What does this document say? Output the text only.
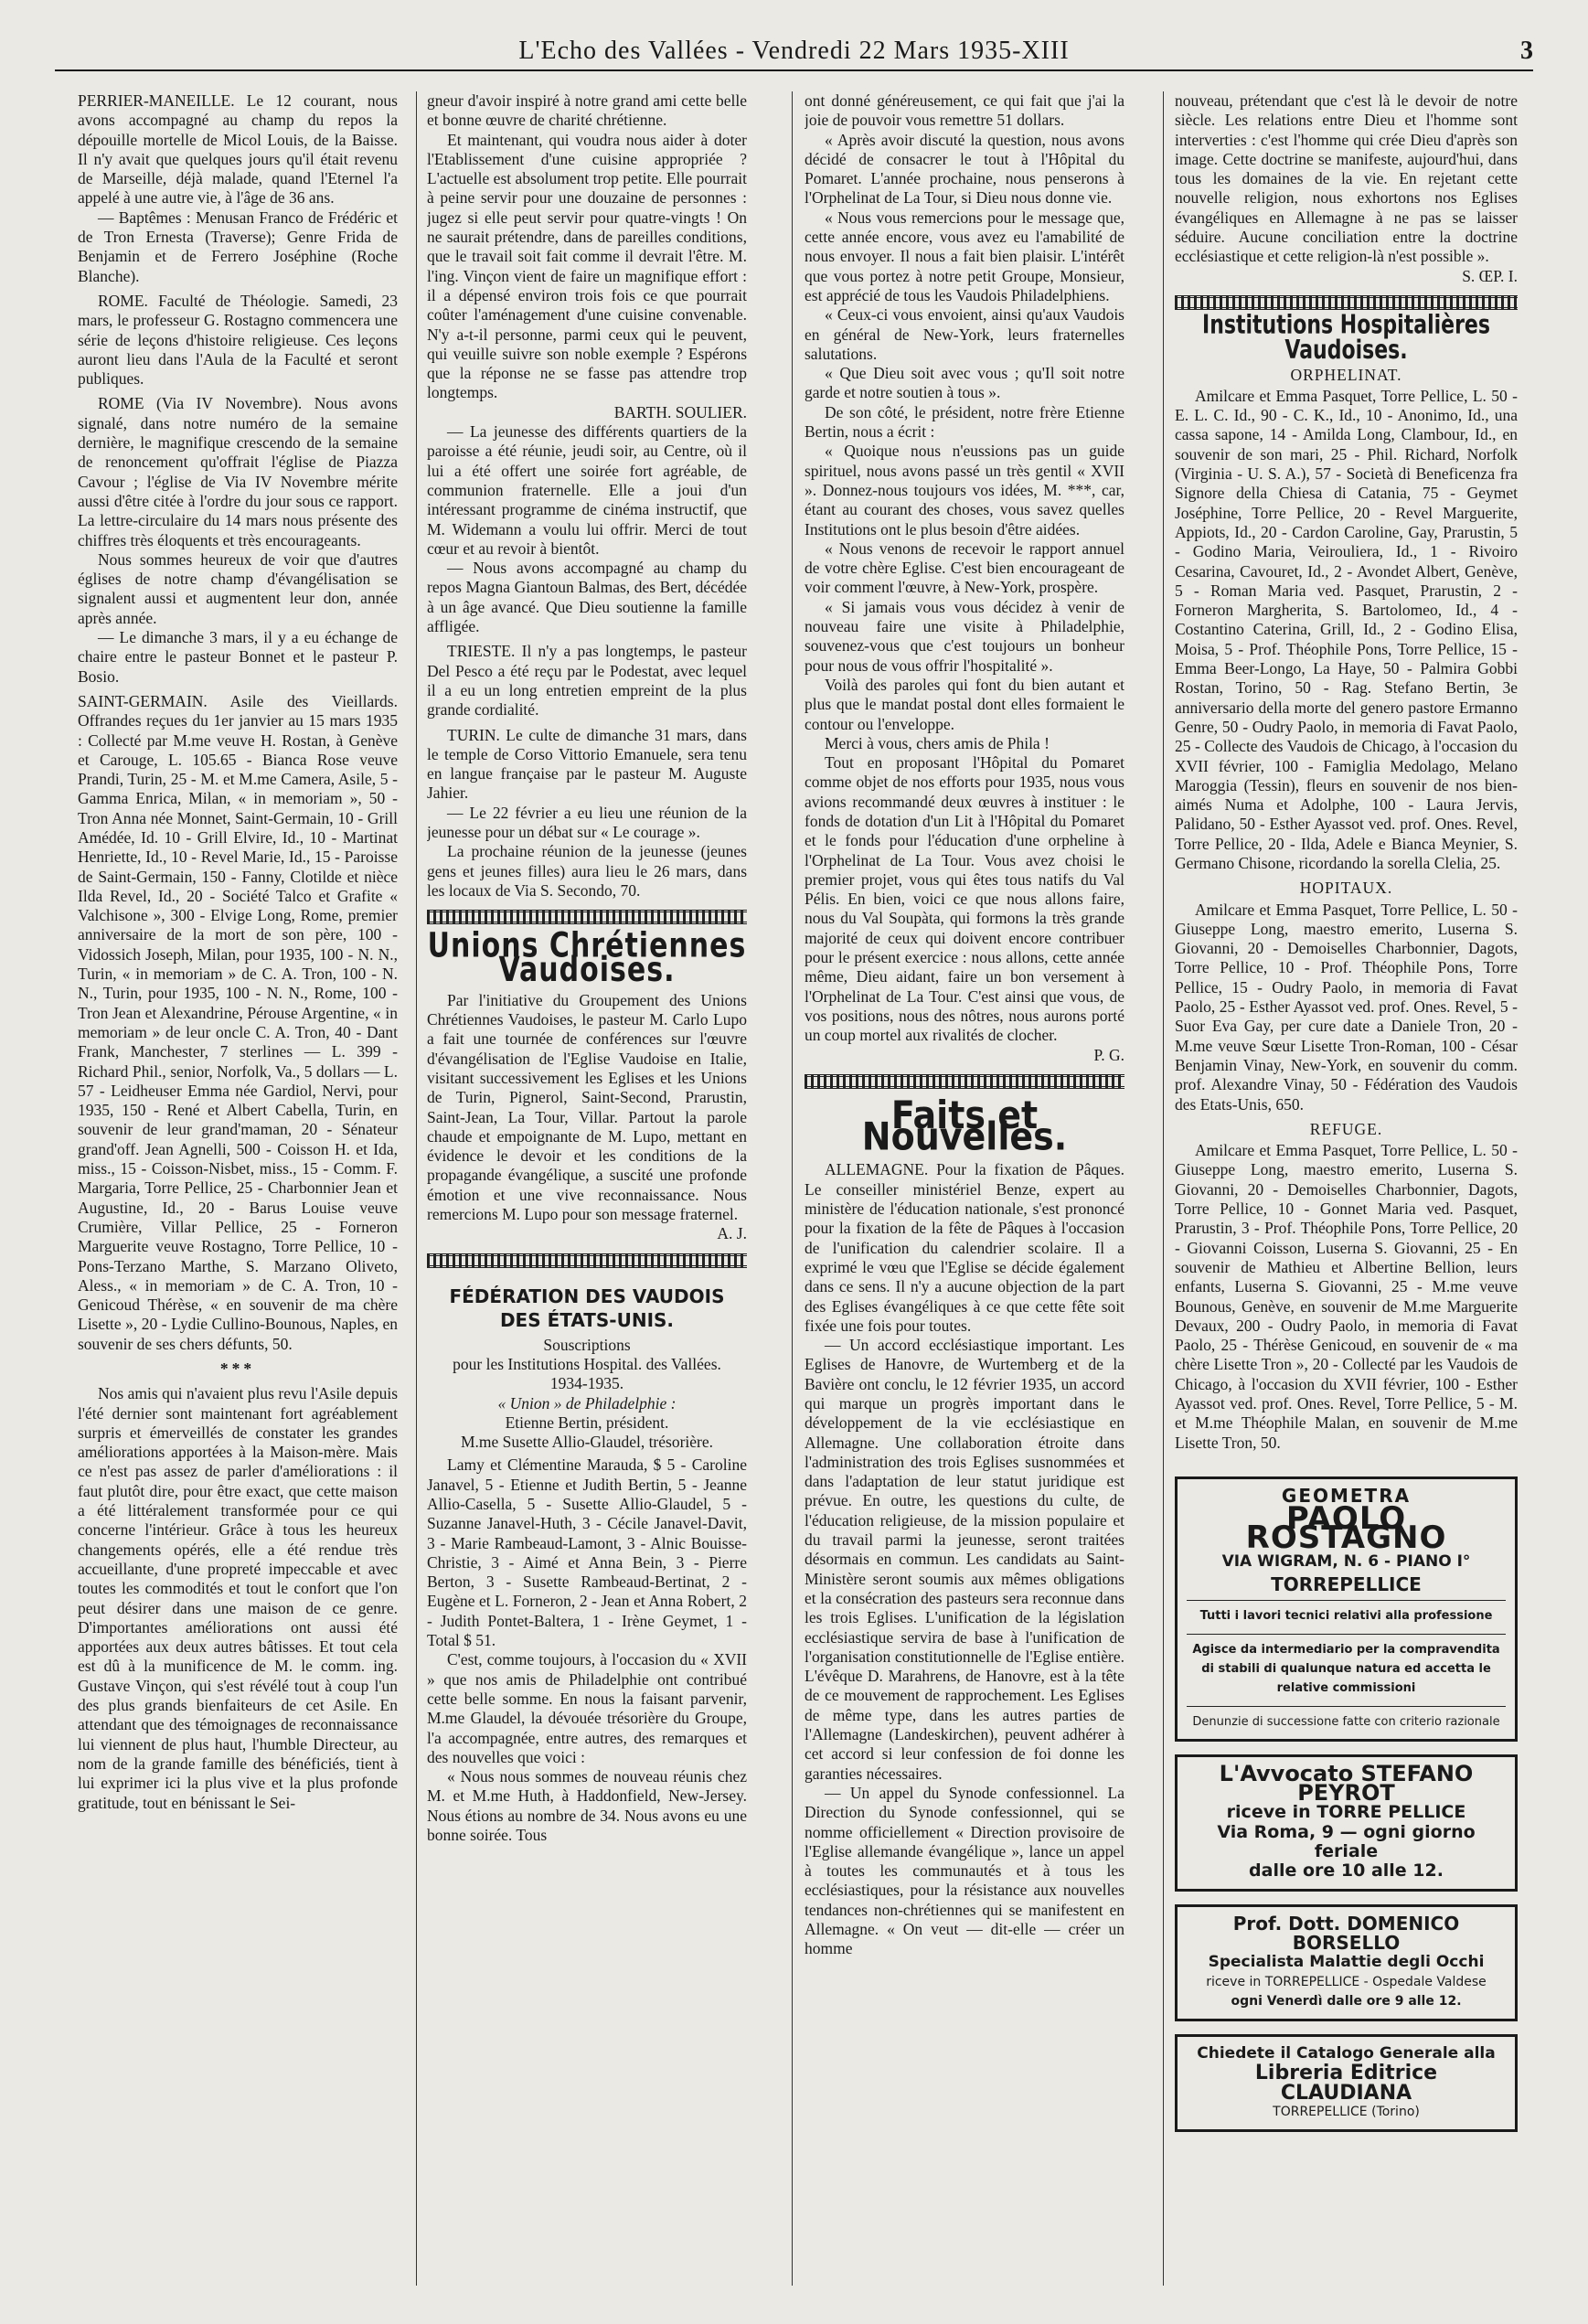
L'Echo des Vallées - Vendredi 22 Mars 1935-XIII	3

PERRIER-MANEILLE. Le 12 courant, nous avons accompagné au champ du repos la dépouille mortelle de Micol Louis, de la Baisse. Il n'y avait que quelques jours qu'il était revenu de Marseille, déjà malade, quand l'Eternel l'a appelé à une autre vie, à l'âge de 36 ans.

— Baptêmes : Menusan Franco de Frédéric et de Tron Ernesta (Traverse); Genre Frida de Benjamin et de Ferrero Joséphine (Roche Blanche).

ROME. Faculté de Théologie. Samedi, 23 mars, le professeur G. Rostagno commencera une série de leçons d'histoire religieuse. Ces leçons auront lieu dans l'Aula de la Faculté et seront publiques.

ROME (Via IV Novembre). Nous avons signalé, dans notre numéro de la semaine dernière, le magnifique crescendo de la semaine de renoncement qu'offrait l'église de Piazza Cavour ; l'église de Via IV Novembre mérite aussi d'être citée à l'ordre du jour sous ce rapport. La lettre-circulaire du 14 mars nous présente des chiffres très éloquents et très encourageants.

Nous sommes heureux de voir que d'autres églises de notre champ d'évangélisation se signalent aussi et augmentent leur don, année après année.

— Le dimanche 3 mars, il y a eu échange de chaire entre le pasteur Bonnet et le pasteur P. Bosio.

SAINT-GERMAIN. Asile des Vieillards. Offrandes reçues du 1er janvier au 15 mars 1935 : Collecté par M.me veuve H. Rostan, à Genève et Carouge, L. 105.65 - Bianca Rose veuve Prandi, Turin, 25 - M. et M.me Camera, Asile, 5 - Gamma Enrica, Milan, « in memoriam », 50 - Tron Anna née Monnet, Saint-Germain, 10 - Grill Amédée, Id. 10 - Grill Elvire, Id., 10 - Martinat Henriette, Id., 10 - Revel Marie, Id., 15 - Paroisse de Saint-Germain, 150 - Fanny, Clotilde et nièce Ilda Revel, Id., 20 - Société Talco et Grafite « Valchisone », 300 - Elvige Long, Rome, premier anniversaire de la mort de son père, 100 - Vidossich Joseph, Milan, pour 1935, 100 - N. N., Turin, « in memoriam » de C. A. Tron, 100 - N. N., Turin, pour 1935, 100 - N. N., Rome, 100 - Tron Jean et Alexandrine, Pérouse Argentine, « in memoriam » de leur oncle C. A. Tron, 40 - Dant Frank, Manchester, 7 sterlines — L. 399 - Richard Phil., senior, Norfolk, Va., 5 dollars — L. 57 - Leidheuser Emma née Gardiol, Nervi, pour 1935, 150 - René et Albert Cabella, Turin, en souvenir de leur grand'maman, 20 - Sénateur grand'off. Jean Agnelli, 500 - Coisson H. et Ida, miss., 15 - Coisson-Nisbet, miss., 15 - Comm. F. Margaria, Torre Pellice, 25 - Charbonnier Jean et Augustine, Id., 20 - Barus Louise veuve Crumière, Villar Pellice, 25 - Forneron Marguerite veuve Rostagno, Torre Pellice, 10 - Pons-Terzano Marthe, S. Marzano Oliveto, Aless., « in memoriam » de C. A. Tron, 10 - Genicoud Thérèse, « en souvenir de ma chère Lisette », 20 - Lydie Cullino-Bounous, Naples, en souvenir de ses chers défunts, 50.

***

Nos amis qui n'avaient plus revu l'Asile depuis l'été dernier sont maintenant fort agréablement surpris et émerveillés de constater les grandes améliorations apportées à la Maison-mère. Mais ce n'est pas assez de parler d'améliorations : il faut plutôt dire, pour être exact, que cette maison a été littéralement transformée pour ce qui concerne l'intérieur. Grâce à tous les heureux changements opérés, elle a été rendue très accueillante, d'une propreté impeccable et avec toutes les commodités et tout le confort que l'on peut désirer dans une maison de ce genre. D'importantes améliorations ont aussi été apportées aux deux autres bâtisses. Et tout cela est dû à la munificence de M. le comm. ing. Gustave Vinçon, qui s'est révélé tout à coup l'un des plus grands bienfaiteurs de cet Asile. En attendant que des témoignages de reconnaissance lui viennent de plus haut, l'humble Directeur, au nom de la grande famille des bénéficiés, tient à lui exprimer ici la plus vive et la plus profonde gratitude, tout en bénissant le Sei-

gneur d'avoir inspiré à notre grand ami cette belle et bonne œuvre de charité chrétienne.

Et maintenant, qui voudra nous aider à doter l'Etablissement d'une cuisine appropriée ? L'actuelle est absolument trop petite. Elle pourrait à peine servir pour une douzaine de personnes : jugez si elle peut servir pour quatre-vingts ! On ne saurait prétendre, dans de pareilles conditions, que le travail soit fait comme il devrait l'être. M. l'ing. Vinçon vient de faire un magnifique effort : il a dépensé environ trois fois ce que pourrait coûter l'aménagement d'une cuisine convenable. N'y a-t-il personne, parmi ceux qui le peuvent, qui veuille suivre son noble exemple ? Espérons que la réponse ne se fasse pas attendre trop longtemps.

BARTH. SOULIER.

— La jeunesse des différents quartiers de la paroisse a été réunie, jeudi soir, au Centre, où il lui a été offert une soirée fort agréable, de communion fraternelle. Elle a joui d'un intéressant programme de cinéma instructif, que M. Widemann a voulu lui offrir. Merci de tout cœur et au revoir à bientôt.

— Nous avons accompagné au champ du repos Magna Giantoun Balmas, des Bert, décédée à un âge avancé. Que Dieu soutienne la famille affligée.

TRIESTE. Il n'y a pas longtemps, le pasteur Del Pesco a été reçu par le Podestat, avec lequel il a eu un long entretien empreint de la plus grande cordialité.

TURIN. Le culte de dimanche 31 mars, dans le temple de Corso Vittorio Emanuele, sera tenu en langue française par le pasteur M. Auguste Jahier.

— Le 22 février a eu lieu une réunion de la jeunesse pour un débat sur « Le courage ».

La prochaine réunion de la jeunesse (jeunes gens et jeunes filles) aura lieu le 26 mars, dans les locaux de Via S. Secondo, 70.

Unions Chrétiennes Vaudoises.

Par l'initiative du Groupement des Unions Chrétiennes Vaudoises, le pasteur M. Carlo Lupo a fait une tournée de conférences sur l'œuvre d'évangélisation de l'Eglise Vaudoise en Italie, visitant successivement les Eglises et les Unions de Turin, Pignerol, Saint-Second, Prarustin, Saint-Jean, La Tour, Villar. Partout la parole chaude et empoignante de M. Lupo, mettant en évidence le devoir et les conditions de la propagande évangélique, a suscité une profonde émotion et une vive reconnaissance. Nous remercions M. Lupo pour son message fraternel.

A. J.
FÉDÉRATION DES VAUDOIS DES ÉTATS-UNIS.
Souscriptions
pour les Institutions Hospital. des Vallées.
1934-1935.
« Union » de Philadelphie :
Etienne Bertin, président.
M.me Susette Allio-Glaudel, trésorière.

Lamy et Clémentine Marauda, $ 5 - Caroline Janavel, 5 - Etienne et Judith Bertin, 5 - Jeanne Allio-Casella, 5 - Susette Allio-Glaudel, 5 - Suzanne Janavel-Huth, 3 - Cécile Janavel-Davit, 3 - Marie Rambeaud-Lamont, 3 - Alnic Bouisse-Christie, 3 - Aimé et Anna Bein, 3 - Pierre Berton, 3 - Susette Rambeaud-Bertinat, 2 - Eugène et L. Forneron, 2 - Jean et Anna Robert, 2 - Judith Pontet-Baltera, 1 - Irène Geymet, 1 - Total $ 51.

C'est, comme toujours, à l'occasion du « XVII » que nos amis de Philadelphie ont contribué cette belle somme. En nous la faisant parvenir, M.me Glaudel, la dévouée trésorière du Groupe, l'a accompagnée, entre autres, des remarques et des nouvelles que voici :

« Nous nous sommes de nouveau réunis chez M. et M.me Huth, à Haddonfield, New-Jersey. Nous étions au nombre de 34. Nous avons eu une bonne soirée. Tous

ont donné généreusement, ce qui fait que j'ai la joie de pouvoir vous remettre 51 dollars.

« Après avoir discuté la question, nous avons décidé de consacrer le tout à l'Hôpital du Pomaret. L'année prochaine, nous penserons à l'Orphelinat de La Tour, si Dieu nous donne vie.

« Nous vous remercions pour le message que, cette année encore, vous avez eu l'amabilité de nous envoyer. Il nous a fait bien plaisir. L'intérêt que vous portez à notre petit Groupe, Monsieur, est apprécié de tous les Vaudois Philadelphiens.

« Ceux-ci vous envoient, ainsi qu'aux Vaudois en général de New-York, leurs fraternelles salutations.

« Que Dieu soit avec vous ; qu'Il soit notre garde et notre soutien à tous ».

De son côté, le président, notre frère Etienne Bertin, nous a écrit :

« Quoique nous n'eussions pas un guide spirituel, nous avons passé un très gentil « XVII ». Donnez-nous toujours vos idées, M. ***, car, étant au courant des choses, vous savez quelles Institutions ont le plus besoin d'être aidées.

« Nous venons de recevoir le rapport annuel de votre chère Eglise. C'est bien encourageant de voir comment l'œuvre, à New-York, prospère.

« Si jamais vous vous décidez à venir de nouveau faire une visite à Philadelphie, souvenez-vous que c'est toujours un bonheur pour nous de vous offrir l'hospitalité ».

Voilà des paroles qui font du bien autant et plus que le mandat postal dont elles formaient le contour ou l'enveloppe.

Merci à vous, chers amis de Phila !

Tout en proposant l'Hôpital du Pomaret comme objet de nos efforts pour 1935, nous vous avions recommandé deux œuvres à instituer : le fonds de dotation d'un Lit à l'Hôpital du Pomaret et le fonds pour l'éducation d'une orpheline à l'Orphelinat de La Tour. Vous avez choisi le premier projet, vous qui êtes tous natifs du Val Pélis. En bien, voici ce que nous allons faire, nous du Val Soupàta, qui formons la très grande majorité de ceux qui doivent encore contribuer pour le présent exercice : nous allons, cette année même, Dieu aidant, faire un bon versement à l'Orphelinat de La Tour. C'est ainsi que vous, de vos positions, nous des nôtres, nous aurons porté un coup mortel aux rivalités de clocher.

P. G.
Faits et Nouvelles.

ALLEMAGNE. Pour la fixation de Pâques. Le conseiller ministériel Benze, expert au ministère de l'éducation nationale, s'est prononcé pour la fixation de la fête de Pâques à l'occasion de l'unification du calendrier scolaire. Il a exprimé le vœu que l'Eglise se décide également dans ce sens. Il n'y a aucune objection de la part des Eglises évangéliques à ce que cette fête soit fixée une fois pour toutes.

— Un accord ecclésiastique important. Les Eglises de Hanovre, de Wurtemberg et de la Bavière ont conclu, le 12 février 1935, un accord qui marque un progrès important dans le développement de la vie ecclésiastique en Allemagne. Une collaboration étroite dans l'administration des trois Eglises susnommées et dans l'adaptation de leur statut juridique est prévue. En outre, les questions du culte, de l'éducation religieuse, de la mission populaire et du travail parmi la jeunesse, seront traitées désormais en commun. Les candidats au Saint-Ministère seront soumis aux mêmes obligations et la consécration des pasteurs sera reconnue dans les trois Eglises. L'unification de la législation ecclésiastique servira de base à l'unification de l'organisation constitutionnelle de l'Eglise entière. L'évêque D. Marahrens, de Hanovre, est à la tête de ce mouvement de rapprochement. Les Eglises de même type, dans les autres parties de l'Allemagne (Landeskirchen), peuvent adhérer à cet accord si leur confession de foi donne les garanties nécessaires.

— Un appel du Synode confessionnel. La Direction du Synode confessionnel, qui se nomme officiellement « Direction provisoire de l'Eglise allemande évangélique », lance un appel à toutes les communautés et à tous les ecclésiastiques, pour la résistance aux nouvelles tendances non-chrétiennes qui se manifestent en Allemagne. « On veut — dit-elle — créer un homme

nouveau, prétendant que c'est là le devoir de notre siècle. Les relations entre Dieu et l'homme sont interverties : c'est l'homme qui crée Dieu d'après son image. Cette doctrine se manifeste, aujourd'hui, dans tous les domaines de la vie. En rejetant cette nouvelle religion, nous exhortons nos Eglises évangéliques en Allemagne à ne pas se laisser séduire. Aucune conciliation entre la doctrine ecclésiastique et cette religion-là n'est possible ».

S. ŒP. I.
Institutions Hospitalières Vaudoises.
ORPHELINAT.

Amilcare et Emma Pasquet, Torre Pellice, L. 50 - E. L. C. Id., 90 - C. K., Id., 10 - Anonimo, Id., una cassa sapone, 14 - Amilda Long, Clambour, Id., en souvenir de son mari, 25 - Phil. Richard, Norfolk (Virginia - U. S. A.), 57 - Società di Beneficenza fra Signore della Chiesa di Catania, 75 - Geymet Joséphine, Torre Pellice, 20 - Revel Marguerite, Appiots, Id., 20 - Cardon Caroline, Gay, Prarustin, 5 - Godino Maria, Veirouliera, Id., 1 - Rivoiro Cesarina, Cavouret, Id., 2 - Avondet Albert, Genève, 5 - Roman Maria ved. Pasquet, Prarustin, 2 - Forneron Margherita, S. Bartolomeo, Id., 4 - Costantino Caterina, Grill, Id., 2 - Godino Elisa, Moisa, 5 - Prof. Théophile Pons, Torre Pellice, 15 - Emma Beer-Longo, La Haye, 50 - Palmira Gobbi Rostan, Torino, 50 - Rag. Stefano Bertin, 3e anniversario della morte del genero pastore Ermanno Genre, 50 - Oudry Paolo, in memoria di Favat Paolo, 25 - Collecte des Vaudois de Chicago, à l'occasion du XVII février, 100 - Famiglia Medolago, Melano Maroggia (Tessin), fleurs en souvenir de nos bien-aimés Numa et Adolphe, 100 - Laura Jervis, Palidano, 50 - Esther Ayassot ved. prof. Ones. Revel, Torre Pellice, 20 - Ilda, Adele e Bianca Meynier, S. Germano Chisone, ricordando la sorella Clelia, 25.

HOPITAUX.

Amilcare et Emma Pasquet, Torre Pellice, L. 50 - Giuseppe Long, maestro emerito, Luserna S. Giovanni, 20 - Demoiselles Charbonnier, Dagots, Torre Pellice, 10 - Prof. Théophile Pons, Torre Pellice, 15 - Oudry Paolo, in memoria di Favat Paolo, 25 - Esther Ayassot ved. prof. Ones. Revel, 5 - Suor Eva Gay, per cure date a Daniele Tron, 20 - M.me veuve Sœur Lisette Tron-Roman, 100 - César Benjamin Vinay, New-York, en souvenir du comm. prof. Alexandre Vinay, 50 - Fédération des Vaudois des Etats-Unis, 650.

REFUGE.

Amilcare et Emma Pasquet, Torre Pellice, L. 50 - Giuseppe Long, maestro emerito, Luserna S. Giovanni, 20 - Demoiselles Charbonnier, Dagots, Torre Pellice, 10 - Gonnet Maria ved. Pasquet, Prarustin, 3 - Prof. Théophile Pons, Torre Pellice, 20 - Giovanni Coisson, Luserna S. Giovanni, 25 - En souvenir de Mathieu et Albertine Bellion, leurs enfants, Luserna S. Giovanni, 25 - M.me veuve Bounous, Genève, en souvenir de M.me Marguerite Devaux, 200 - Oudry Paolo, in memoria di Favat Paolo, 25 - Thérèse Genicoud, en souvenir de « ma chère Lisette Tron », 20 - Collecté par les Vaudois de Chicago, à l'occasion du XVII février, 100 - Esther Ayassot ved. prof. Ones. Revel, Torre Pellice, 5 - M. et M.me Théophile Malan, en souvenir de M.me Lisette Tron, 50.

GEOMETRA
PAOLO ROSTAGNO
VIA WIGRAM, N. 6 - PIANO I°
TORREPELLICE
Tutti i lavori tecnici relativi alla professione
Agisce da intermediario per la compravendita di stabili di qualunque natura ed accetta le relative commissioni
Denunzie di successione fatte con criterio razionale
L'Avvocato STEFANO PEYROT
riceve in TORRE PELLICE
Via Roma, 9 — ogni giorno feriale
dalle ore 10 alle 12.
Prof. Dott. DOMENICO BORSELLO
Specialista Malattie degli Occhi
riceve in TORREPELLICE - Ospedale Valdese
ogni Venerdì dalle ore 9 alle 12.
Chiedete il Catalogo Generale alla
Libreria Editrice CLAUDIANA
TORREPELLICE (Torino)
